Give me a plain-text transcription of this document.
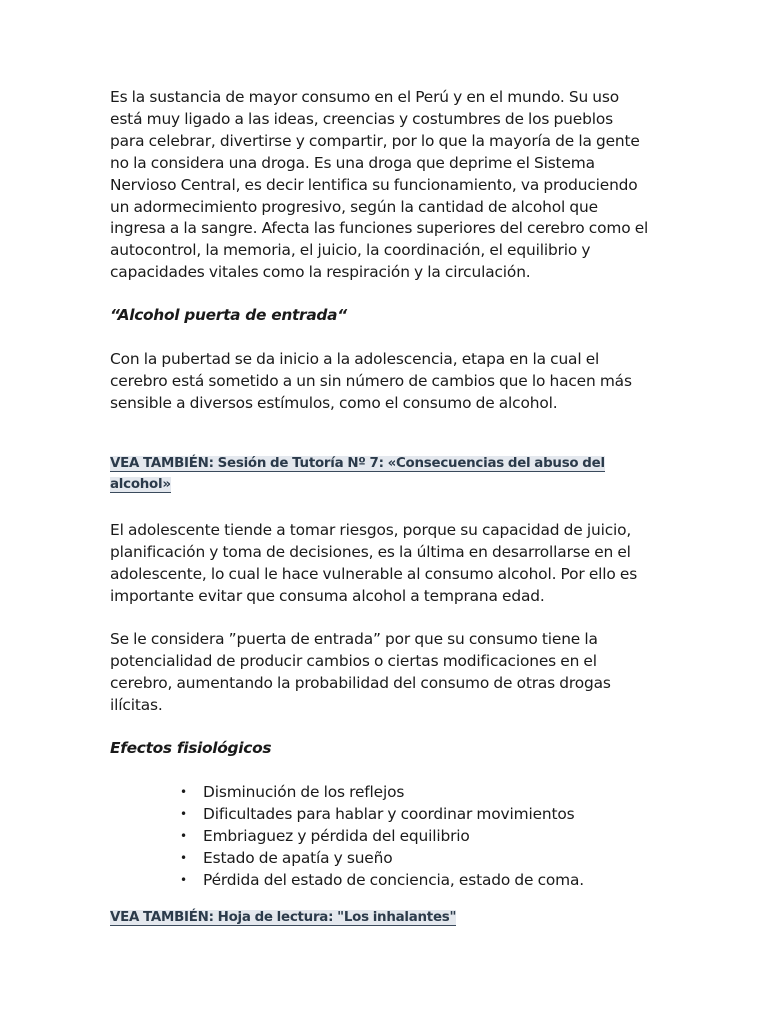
Es la sustancia de mayor consumo en el Perú y en el mundo. Su uso
está muy ligado a las ideas, creencias y costumbres de los pueblos
para celebrar, divertirse y compartir, por lo que la mayoría de la gente
no la considera una droga. Es una droga que deprime el Sistema
Nervioso Central, es decir lentifica su funcionamiento, va produciendo
un adormecimiento progresivo, según la cantidad de alcohol que
ingresa a la sangre. Afecta las funciones superiores del cerebro como el
autocontrol, la memoria, el juicio, la coordinación, el equilibrio y
capacidades vitales como la respiración y la circulación.

“Alcohol puerta de entrada“

Con la pubertad se da inicio a la adolescencia, etapa en la cual el
cerebro está sometido a un sin número de cambios que lo hacen más
sensible a diversos estímulos, como el consumo de alcohol.

VEA TAMBIÉN: Sesión de Tutoría Nº 7: «Consecuencias del abuso del
alcohol»

El adolescente tiende a tomar riesgos, porque su capacidad de juicio,
planificación y toma de decisiones, es la última en desarrollarse en el
adolescente, lo cual le hace vulnerable al consumo alcohol. Por ello es
importante evitar que consuma alcohol a temprana edad.

Se le considera ”puerta de entrada” por que su consumo tiene la
potencialidad de producir cambios o ciertas modificaciones en el
cerebro, aumentando la probabilidad del consumo de otras drogas
ilícitas.

Efectos fisiológicos

• Disminución de los reflejos
• Dificultades para hablar y coordinar movimientos
• Embriaguez y pérdida del equilibrio
• Estado de apatía y sueño
• Pérdida del estado de conciencia, estado de coma.
VEA TAMBIÉN: Hoja de lectura: "Los inhalantes"
